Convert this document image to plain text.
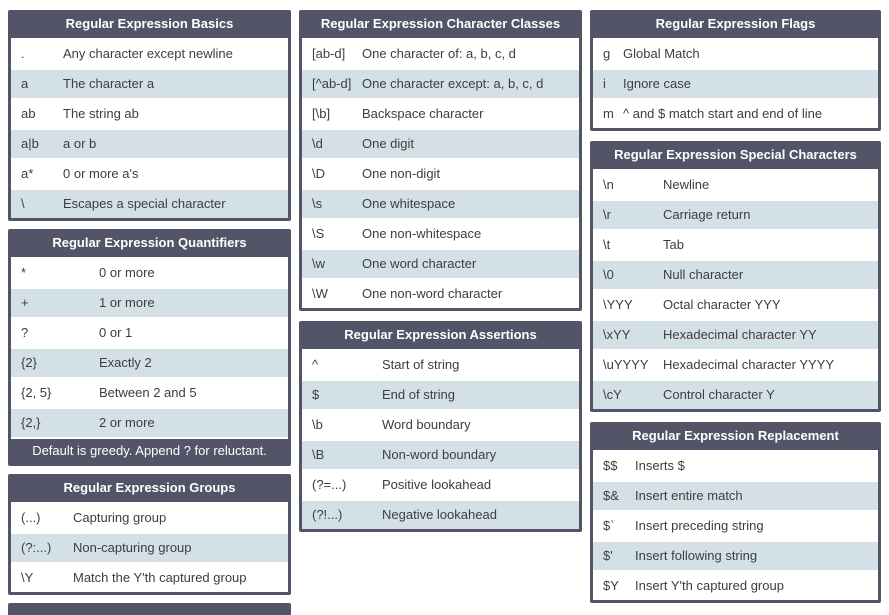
Regular Expression Basics
.	Any character except newline
a	The character a
ab	The string ab
a|b	a or b
a*	0 or more a's
\	Escapes a special character
Regular Expression Quantifiers
*	0 or more
+	1 or more
?	0 or 1
{2}	Exactly 2
{2, 5}	Between 2 and 5
{2,}	2 or more
Default is greedy. Append ? for reluctant.
Regular Expression Groups
(...)	Capturing group
(?:...)	Non-capturing group
\Y	Match the Y'th captured group
Regular Expression Character Classes
[ab-d]	One character of: a, b, c, d
[^ab-d] One character except: a, b, c, d
[\b]	Backspace character
\d	One digit
\D	One non-digit
\s	One whitespace
\S	One non-whitespace
\w	One word character
\W	One non-word character
Regular Expression Assertions
^	Start of string
$	End of string
\b	Word boundary
\B	Non-word boundary
(?=...)	Positive lookahead
(?!...)	Negative lookahead
Regular Expression Flags
g Global Match
i	Ignore case
m ^ and $ match start and end of line
Regular Expression Special Characters
\n	Newline
\r	Carriage return
\t	Tab
\0	Null character
\YYY	Octal character YYY
\xYY	Hexadecimal character YY
\uYYYY	Hexadecimal character YYYY
\cY	Control character Y
Regular Expression Replacement
$$	Inserts $
$&	Insert entire match
$`	Insert preceding string
$'	Insert following string
$Y	Insert Y'th captured group
